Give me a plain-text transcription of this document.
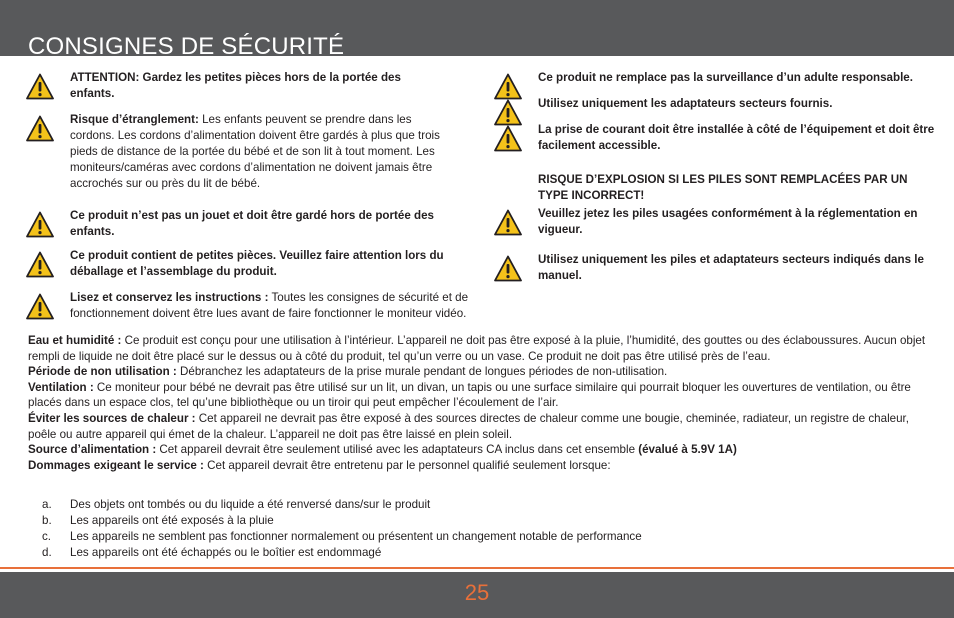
CONSIGNES DE SÉCURITÉ
ATTENTION: Gardez les petites pièces hors de la portée des enfants.
Risque d’étranglement: Les enfants peuvent se prendre dans les cordons. Les cordons d’alimentation doivent être gardés à plus que trois pieds de distance de la portée du bébé et de son lit à tout moment. Les moniteurs/caméras avec cordons d’alimentation ne doivent jamais être accrochés sur ou près du lit de bébé.
Ce produit n’est pas un jouet et doit être gardé hors de portée des enfants.
Ce produit contient de petites pièces. Veuillez faire attention lors du déballage et l’assemblage du produit.
Lisez et conservez les instructions : Toutes les consignes de sécurité et de fonctionnement doivent être lues avant de faire fonctionner le moniteur vidéo.
Ce produit ne remplace pas la surveillance d’un adulte responsable.
Utilisez uniquement les adaptateurs secteurs fournis.
La prise de courant doit être installée à côté de l’équipement et doit être facilement accessible.
RISQUE D’EXPLOSION SI LES PILES SONT REMPLACÉES PAR UN TYPE INCORRECT!
Veuillez jetez les piles usagées conformément à la réglementation en vigueur.
Utilisez uniquement les piles et adaptateurs secteurs indiqués dans le manuel.

Eau et humidité : Ce produit est conçu pour une utilisation à l’intérieur. L’appareil ne doit pas être exposé à la pluie, l’humidité, des gouttes ou des éclaboussures. Aucun objet rempli de liquide ne doit être placé sur le dessus ou à côté du produit, tel qu’un verre ou un vase. Ce produit ne doit pas être utilisé près de l’eau.

Période de non utilisation : Débranchez les adaptateurs de la prise murale pendant de longues périodes de non-utilisation.

Ventilation : Ce moniteur pour bébé ne devrait pas être utilisé sur un lit, un divan, un tapis ou une surface similaire qui pourrait bloquer les ouvertures de ventilation, ou être placés dans un espace clos, tel qu’une bibliothèque ou un tiroir qui peut empêcher l’écoulement de l’air.

Éviter les sources de chaleur : Cet appareil ne devrait pas être exposé à des sources directes de chaleur comme une bougie, cheminée, radiateur, un registre de chaleur, poêle ou autre appareil qui émet de la chaleur. L’appareil ne doit pas être laissé en plein soleil.

Source d’alimentation : Cet appareil devrait être seulement utilisé avec les adaptateurs CA inclus dans cet ensemble (évalué à 5.9V 1A)

Dommages exigeant le service : Cet appareil devrait être entretenu par le personnel qualifié seulement lorsque:

a.	Des objets ont tombés ou du liquide a été renversé dans/sur le produit
b.	Les appareils ont été exposés à la pluie
c.	Les appareils ne semblent pas fonctionner normalement ou présentent un changement notable de performance
d.	Les appareils ont été échappés ou le boîtier est endommagé
25
